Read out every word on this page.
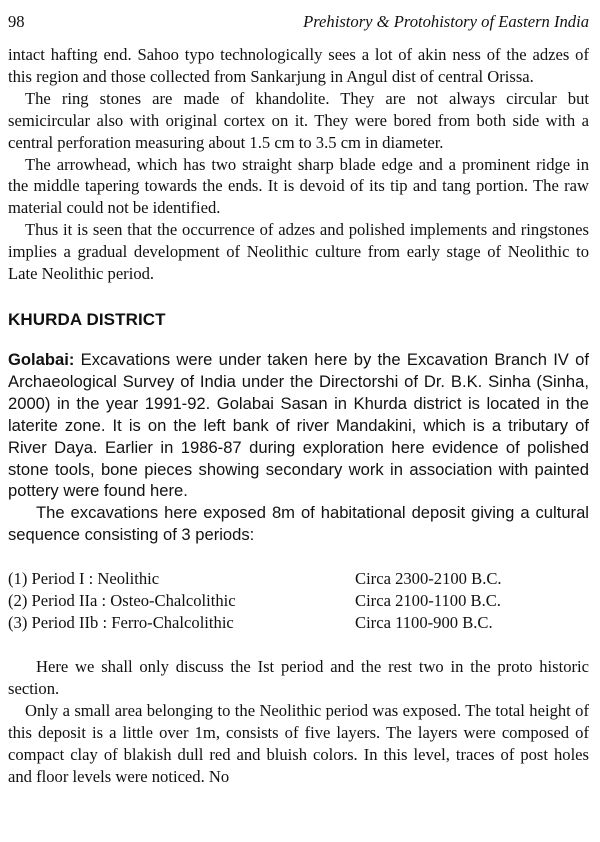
98	Prehistory & Protohistory of Eastern India

intact hafting end. Sahoo typo technologically sees a lot of akin ness of the adzes of this region and those collected from Sankarjung in Angul dist of central Orissa.

The ring stones are made of khandolite. They are not always circular but semicircular also with original cortex on it. They were bored from both side with a central perforation measuring about 1.5 cm to 3.5 cm in diameter.

The arrowhead, which has two straight sharp blade edge and a prominent ridge in the middle tapering towards the ends. It is devoid of its tip and tang portion. The raw material could not be identified.

Thus it is seen that the occurrence of adzes and polished implements and ringstones implies a gradual development of Neolithic culture from early stage of Neolithic to Late Neolithic period.

KHURDA DISTRICT

Golabai: Excavations were under taken here by the Excavation Branch IV of Archaeological Survey of India under the Directorshi of Dr. B.K. Sinha (Sinha, 2000) in the year 1991-92. Golabai Sasan in Khurda district is located in the laterite zone. It is on the left bank of river Mandakini, which is a tributary of River Daya. Earlier in 1986-87 during exploration here evidence of polished stone tools, bone pieces showing secondary work in association with painted pottery were found here.

The excavations here exposed 8m of habitational deposit giving a cultural sequence consisting of 3 periods:

(1) Period I : Neolithic	Circa 2300-2100 B.C.
(2) Period IIa : Osteo-Chalcolithic	Circa 2100-1100 B.C.
(3) Period IIb : Ferro-Chalcolithic	Circa 1100-900 B.C.

Here we shall only discuss the Ist period and the rest two in the proto historic section.

Only a small area belonging to the Neolithic period was exposed. The total height of this deposit is a little over 1m, consists of five layers. The layers were composed of compact clay of blakish dull red and bluish colors. In this level, traces of post holes and floor levels were noticed. No
